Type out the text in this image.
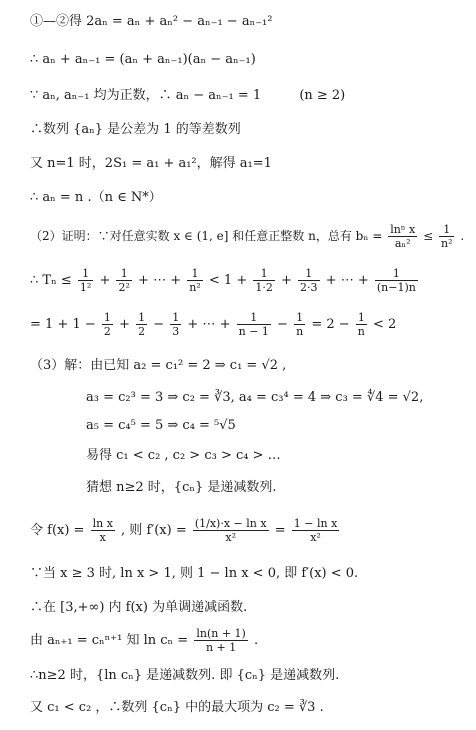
①—②得 2aₙ = aₙ + aₙ² − aₙ₋₁ − aₙ₋₁²
∴ aₙ + aₙ₋₁ = (aₙ + aₙ₋₁)(aₙ − aₙ₋₁)
∵ aₙ, aₙ₋₁ 均为正数，∴ aₙ − aₙ₋₁ = 1	(n ≥ 2)
∴数列 {aₙ} 是公差为 1 的等差数列
又 n=1 时，2S₁ = a₁ + a₁²，解得 a₁=1
∴ aₙ = n .（n ∈ N*）
（2）证明：∵对任意实数 x ∈ (1, e] 和任意正整数 n，总有 $b_n = \frac{\text{lnⁿ x}}{\text{aₙ²}} \le \frac{1}{\text{n²}}$ .
∴ $T_n \le \frac{1}{\text{1²}} + \frac{1}{\text{2²}}$ + ⋯ + $\frac{1}{\text{n²}} < 1 + \frac{1}{1\cdot 2} + \frac{1}{2\cdot 3}$ + ⋯ + $\frac{1}{(n-1)n}$
= $1 + 1 - \frac{1}{2} + \frac{1}{2} - \frac{1}{3}$ + ⋯ + $\frac{1}{n - 1} - \frac{1}{n} = 2 - \frac{1}{n} < 2$
（3）解：由已知 a₂ = c₁² = 2 ⇒ c₁ = √2 ,
a₃ = c₂³ = 3 ⇒ c₂ = ∛3, a₄ = c₃⁴ = 4 ⇒ c₃ = ∜4 = √2,
a₅ = c₄⁵ = 5 ⇒ c₄ = ⁵√5
易得 c₁ < c₂ , c₂ > c₃ > c₄ > …
猜想 n≥2 时，{cₙ} 是递减数列.
令 $f(x) = \frac{\text{ln x}}{x}$ , 则 $f'(x) = \frac{\text{(1/x)·x − ln x}}{\text{x²}} = \frac{\text{1 − ln x}}{\text{x²}}$
∵当 x ≥ 3 时, ln x > 1, 则 1 − ln x < 0, 即 f′(x) < 0.
∴在 [3,+∞) 内 f(x) 为单调递减函数.
由 aₙ₊₁ = cₙⁿ⁺¹ 知 $\ln c_n = \frac{\ln(n + 1)}{n + 1}$ .
∴n≥2 时，{ln cₙ} 是递减数列. 即 {cₙ} 是递减数列.
又 c₁ < c₂ ，∴数列 {cₙ} 中的最大项为 c₂ = ∛3 .
